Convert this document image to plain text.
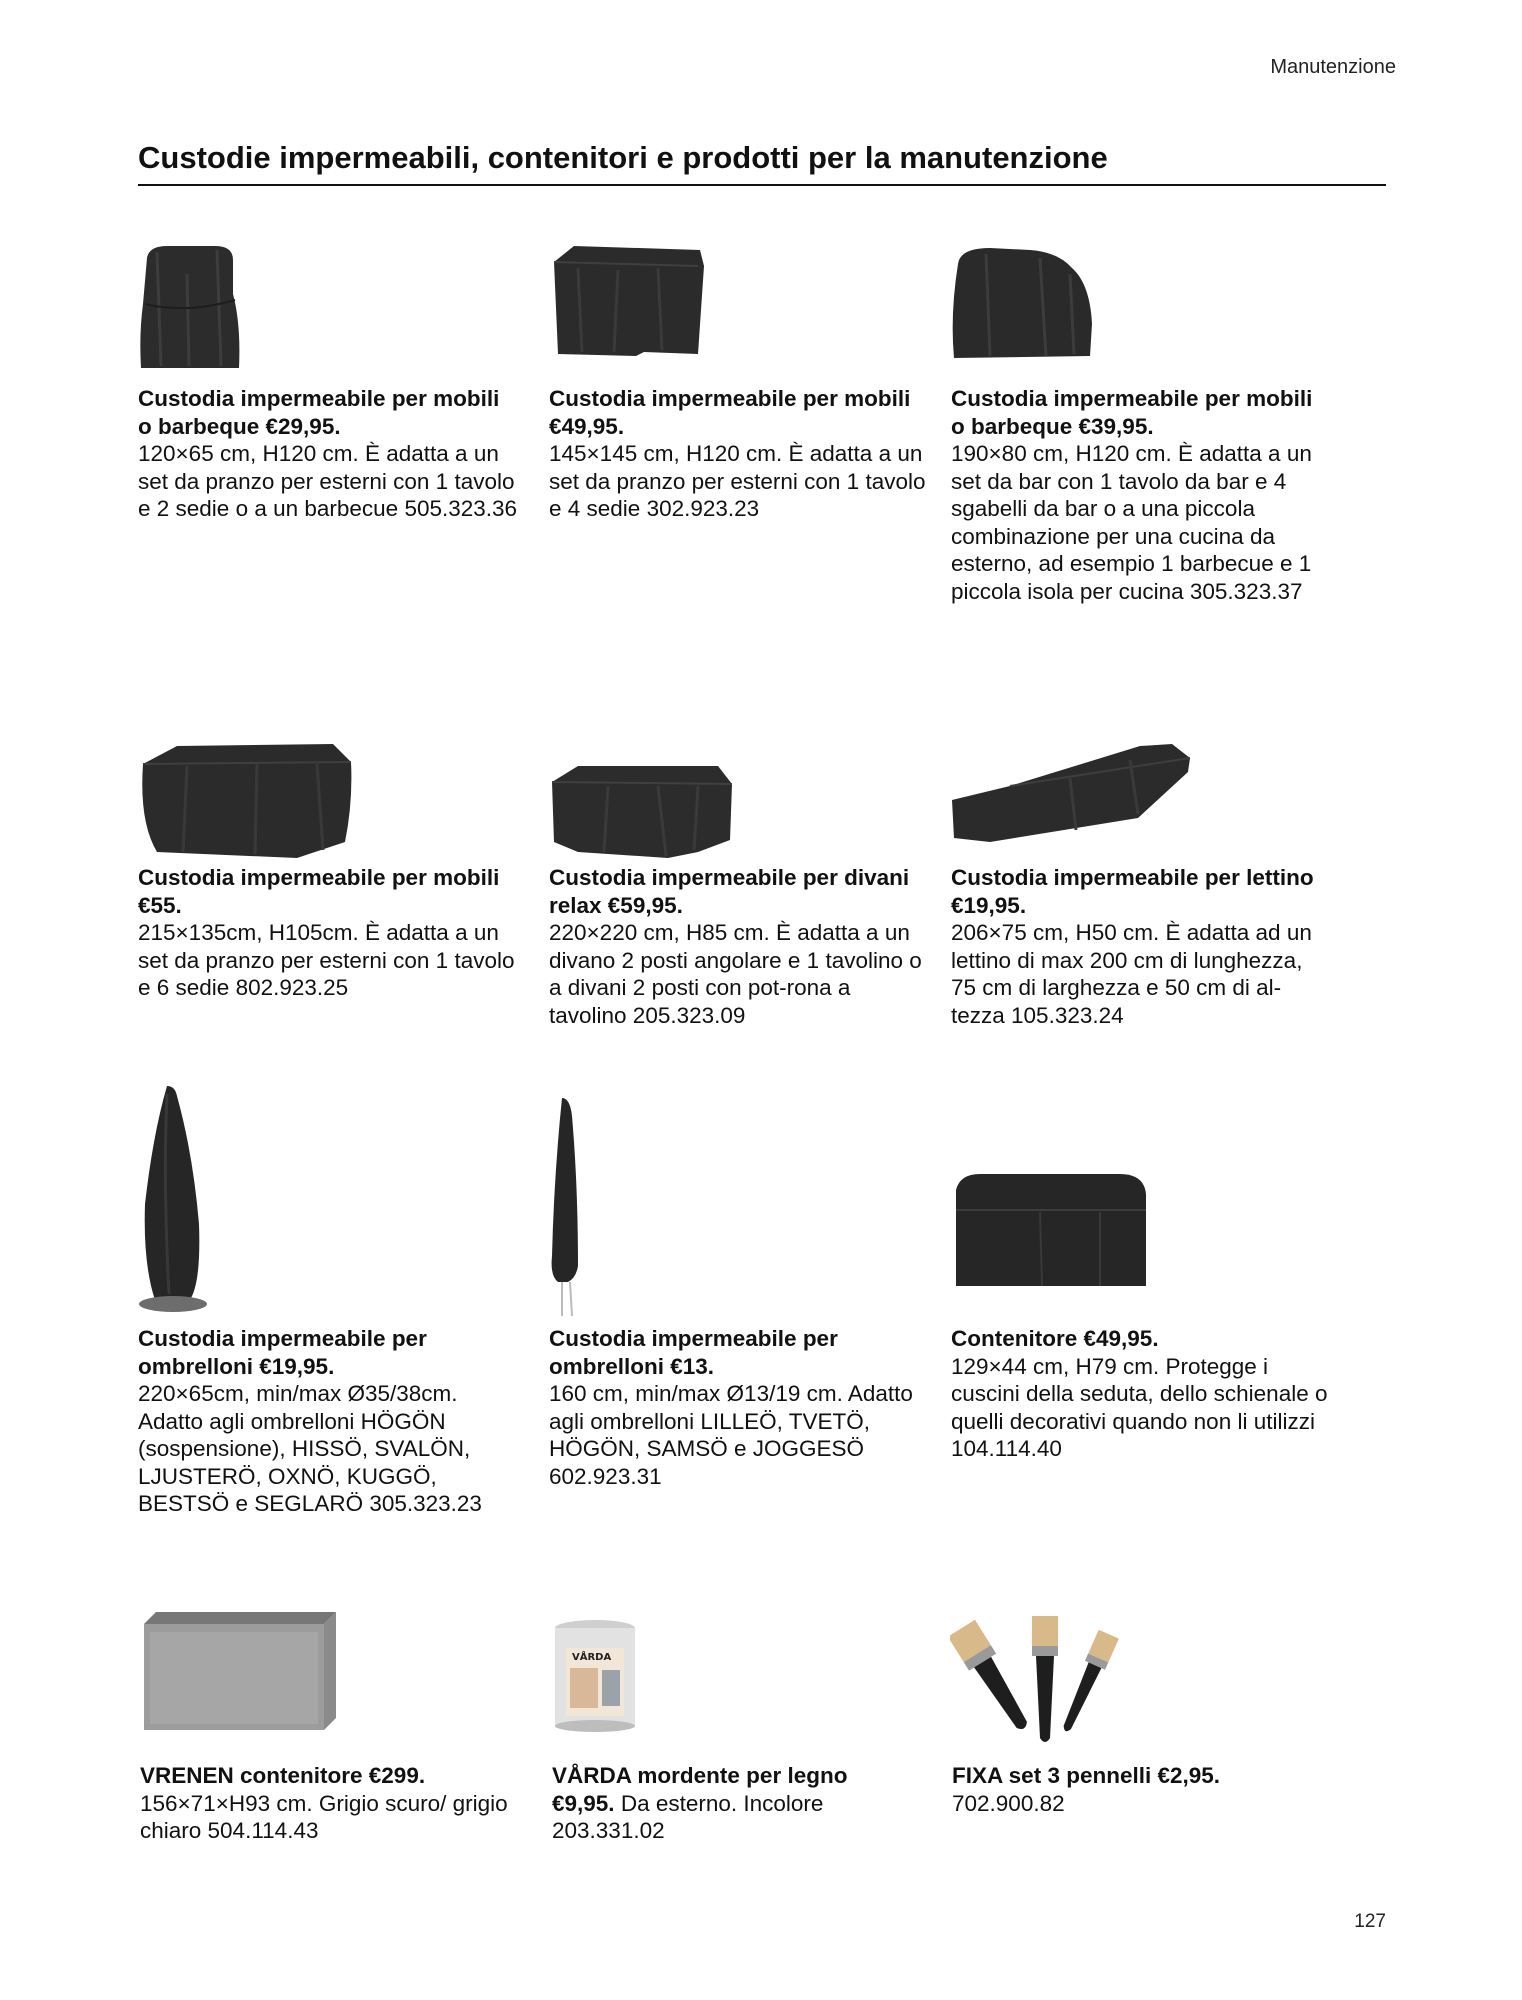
Manutenzione
Custodie impermeabili, contenitori e prodotti per la manutenzione
Custodia impermeabile per mobili o barbeque €29,95.
120×65 cm, H120 cm. È adatta a un set da pranzo per esterni con 1 tavolo e 2 sedie o a un barbecue 505.323.36
Custodia impermeabile per mobili €49,95.
145×145 cm, H120 cm. È adatta a un set da pranzo per esterni con 1 tavolo e 4 sedie 302.923.23
Custodia impermeabile per mobili o barbeque €39,95.
190×80 cm, H120 cm. È adatta a un set da bar con 1 tavolo da bar e 4 sgabelli da bar o a una piccola combinazione per una cucina da esterno, ad esempio 1 barbecue e 1 piccola isola per cucina 305.323.37
Custodia impermeabile per mobili €55.
215×135cm, H105cm. È adatta a un set da pranzo per esterni con 1 tavolo e 6 sedie 802.923.25
Custodia impermeabile per divani relax €59,95.
220×220 cm, H85 cm. È adatta a un divano 2 posti angolare e 1 tavolino o a divani 2 posti con pot-rona a tavolino 205.323.09
Custodia impermeabile per lettino €19,95.
206×75 cm, H50 cm. È adatta ad un lettino di max 200 cm di lunghezza, 75 cm di larghezza e 50 cm di al-tezza 105.323.24
Custodia impermeabile per ombrelloni €19,95.
220×65cm, min/max Ø35/38cm. Adatto agli ombrelloni HÖGÖN (sospensione), HISSÖ, SVALÖN, LJUSTERÖ, OXNÖ, KUGGÖ, BESTSÖ e SEGLARÖ 305.323.23
Custodia impermeabile per ombrelloni €13.
160 cm, min/max Ø13/19 cm. Adatto agli ombrelloni LILLEÖ, TVETÖ, HÖGÖN, SAMSÖ e JOGGESÖ 602.923.31
Contenitore €49,95.
129×44 cm, H79 cm. Protegge i cuscini della seduta, dello schienale o quelli decorativi quando non li utilizzi 104.114.40
VRENEN contenitore €299.
156×71×H93 cm. Grigio scuro/ grigio chiaro 504.114.43
VÅRDA
VÅRDA mordente per legno €9,95. Da esterno. Incolore 203.331.02
FIXA set 3 pennelli €2,95.
702.900.82
127
